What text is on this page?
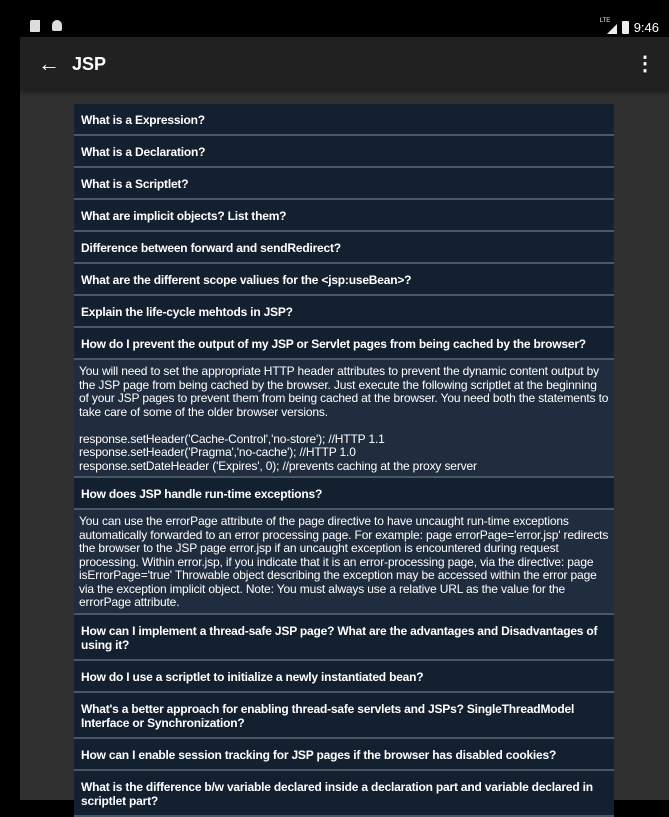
LTE 9:46
← JSP	⋮
What is a Expression?
What is a Declaration?
What is a Scriptlet?
What are implicit objects? List them?
Difference between forward and sendRedirect?
What are the different scope valiues for the <jsp:useBean>?
Explain the life-cycle mehtods in JSP?
How do I prevent the output of my JSP or Servlet pages from being cached by the browser?
You will need to set the appropriate HTTP header attributes to prevent the dynamic content output by the JSP page from being cached by the browser. Just execute the following scriptlet at the beginning of your JSP pages to prevent them from being cached at the browser. You need both the statements to take care of some of the older browser versions.

response.setHeader('Cache-Control','no-store'); //HTTP 1.1
response.setHeader('Pragma','no-cache'); //HTTP 1.0
response.setDateHeader ('Expires', 0); //prevents caching at the proxy server
How does JSP handle run-time exceptions?
You can use the errorPage attribute of the page directive to have uncaught run-time exceptions automatically forwarded to an error processing page. For example: page errorPage='error.jsp' redirects the browser to the JSP page error.jsp if an uncaught exception is encountered during request processing. Within error.jsp, if you indicate that it is an error-processing page, via the directive: page isErrorPage='true' Throwable object describing the exception may be accessed within the error page via the exception implicit object. Note: You must always use a relative URL as the value for the errorPage attribute.
How can I implement a thread-safe JSP page? What are the advantages and Disadvantages of using it?
How do I use a scriptlet to initialize a newly instantiated bean?
What's a better approach for enabling thread-safe servlets and JSPs? SingleThreadModel Interface or Synchronization?
How can I enable session tracking for JSP pages if the browser has disabled cookies?
What is the difference b/w variable declared inside a declaration part and variable declared in scriptlet part?
